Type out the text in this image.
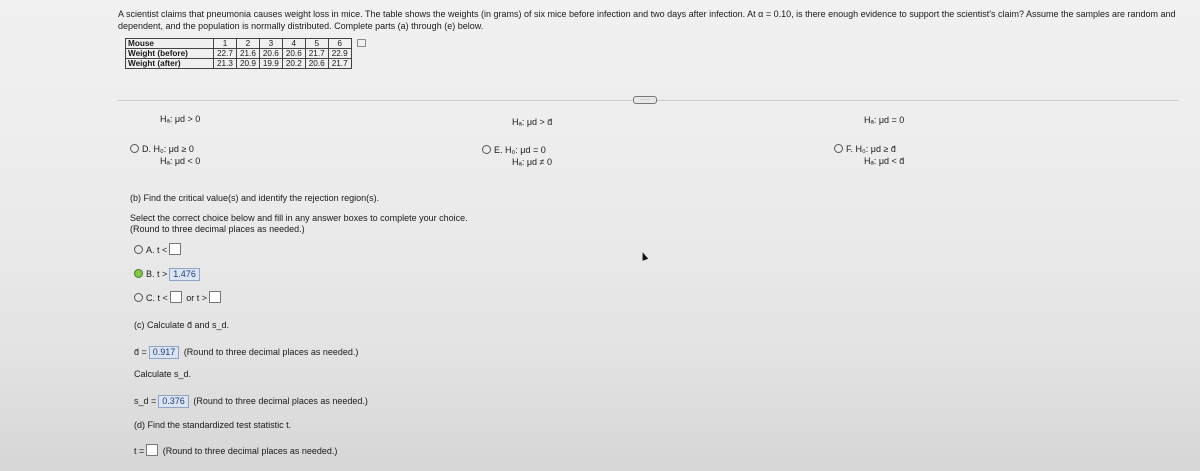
A scientist claims that pneumonia causes weight loss in mice. The table shows the weights (in grams) of six mice before infection and two days after infection. At α = 0.10, is there enough evidence to support the scientist's claim? Assume the samples are random and dependent, and the population is normally distributed. Complete parts (a) through (e) below.
Mouse	1	2	3	4	5	6	
Weight (before)	22.7	21.6	20.6	20.6	21.7	22.9	
Weight (after)	21.3	20.9	19.9	20.2	20.6	21.7	
·····
Hₐ: μd > 0	Hₐ: μd > d̄	Hₐ: μd = 0
D. H₀: μd ≥ 0
Hₐ: μd < 0
E. H₀: μd = 0
Hₐ: μd ≠ 0
F. H₀: μd ≥ d̄
Hₐ: μd < d̄
(b) Find the critical value(s) and identify the rejection region(s).
Select the correct choice below and fill in any answer boxes to complete your choice.
(Round to three decimal places as needed.)
A. t <
B. t > 1.476
C. t < or t >
(c) Calculate d̄ and s_d.
d̄ = 0.917 (Round to three decimal places as needed.)
Calculate s_d.
s_d = 0.376 (Round to three decimal places as needed.)
(d) Find the standardized test statistic t.
t = (Round to three decimal places as needed.)
